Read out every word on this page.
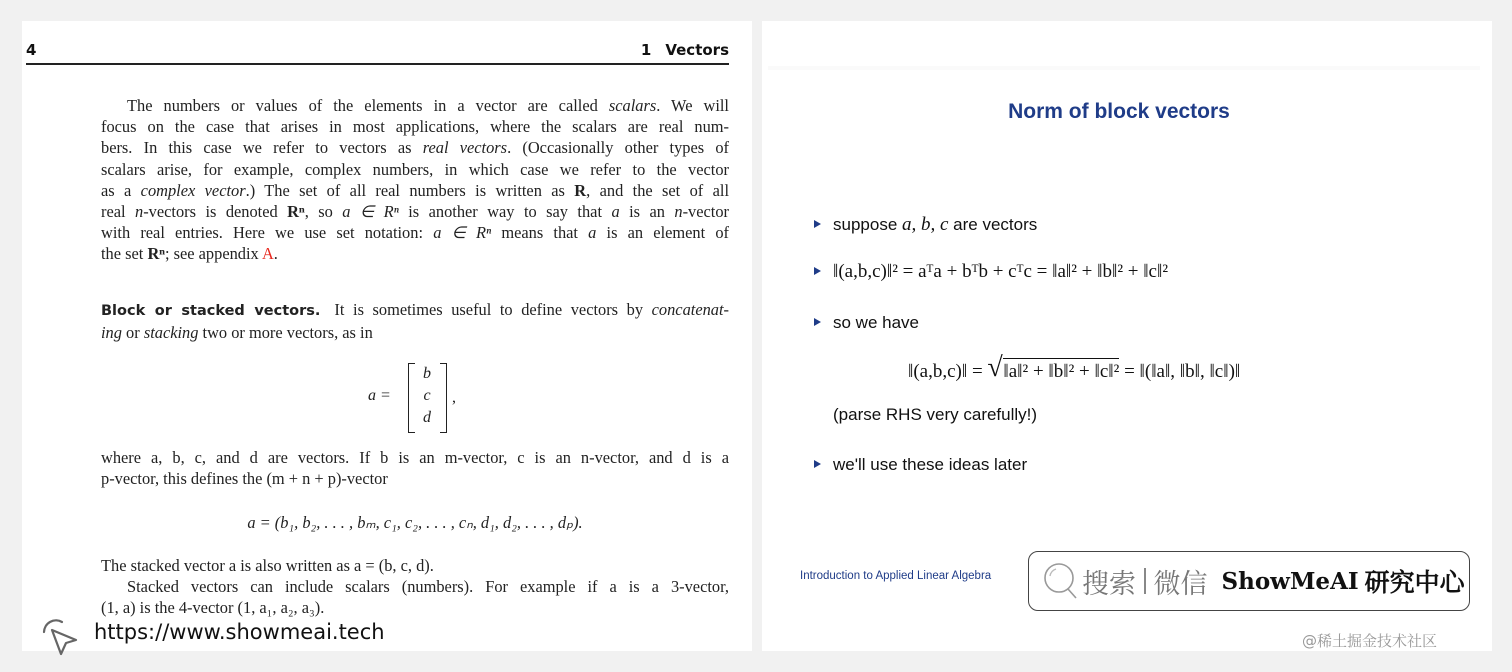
4	1 Vectors
The numbers or values of the elements in a vector are called scalars. We will
focus on the case that arises in most applications, where the scalars are real num-
bers. In this case we refer to vectors as real vectors. (Occasionally other types of
scalars arise, for example, complex numbers, in which case we refer to the vector
as a complex vector.) The set of all real numbers is written as R, and the set of all
real n-vectors is denoted Rⁿ, so a ∈ Rⁿ is another way to say that a is an n-vector
with real entries. Here we use set notation: a ∈ Rⁿ means that a is an element of
the set Rⁿ; see appendix A.
Block or stacked vectors. It is sometimes useful to define vectors by concatenat-
ing or stacking two or more vectors, as in
a =
b
c
d
,
where a, b, c, and d are vectors. If b is an m-vector, c is an n-vector, and d is a
p-vector, this defines the (m + n + p)-vector
a = (b₁, b₂, . . . , bₘ, c₁, c₂, . . . , cₙ, d₁, d₂, . . . , dₚ).
The stacked vector a is also written as a = (b, c, d).
Stacked vectors can include scalars (numbers). For example if a is a 3-vector,
(1, a) is the 4-vector (1, a₁, a₂, a₃).
Norm of block vectors
suppose a, b, c are vectors
‖(a,b,c)‖² = aᵀa + bᵀb + cᵀc = ‖a‖² + ‖b‖² + ‖c‖²
so we have
‖(a,b,c)‖ = √ ‖a‖² + ‖b‖² + ‖c‖² = ‖(‖a‖, ‖b‖, ‖c‖)‖
(parse RHS very carefully!)
we'll use these ideas later
Introduction to Applied Linear Algebra	搜索 微信 ShowMeAI 研究中心
https://www.showmeai.tech	@稀土掘金技术社区
